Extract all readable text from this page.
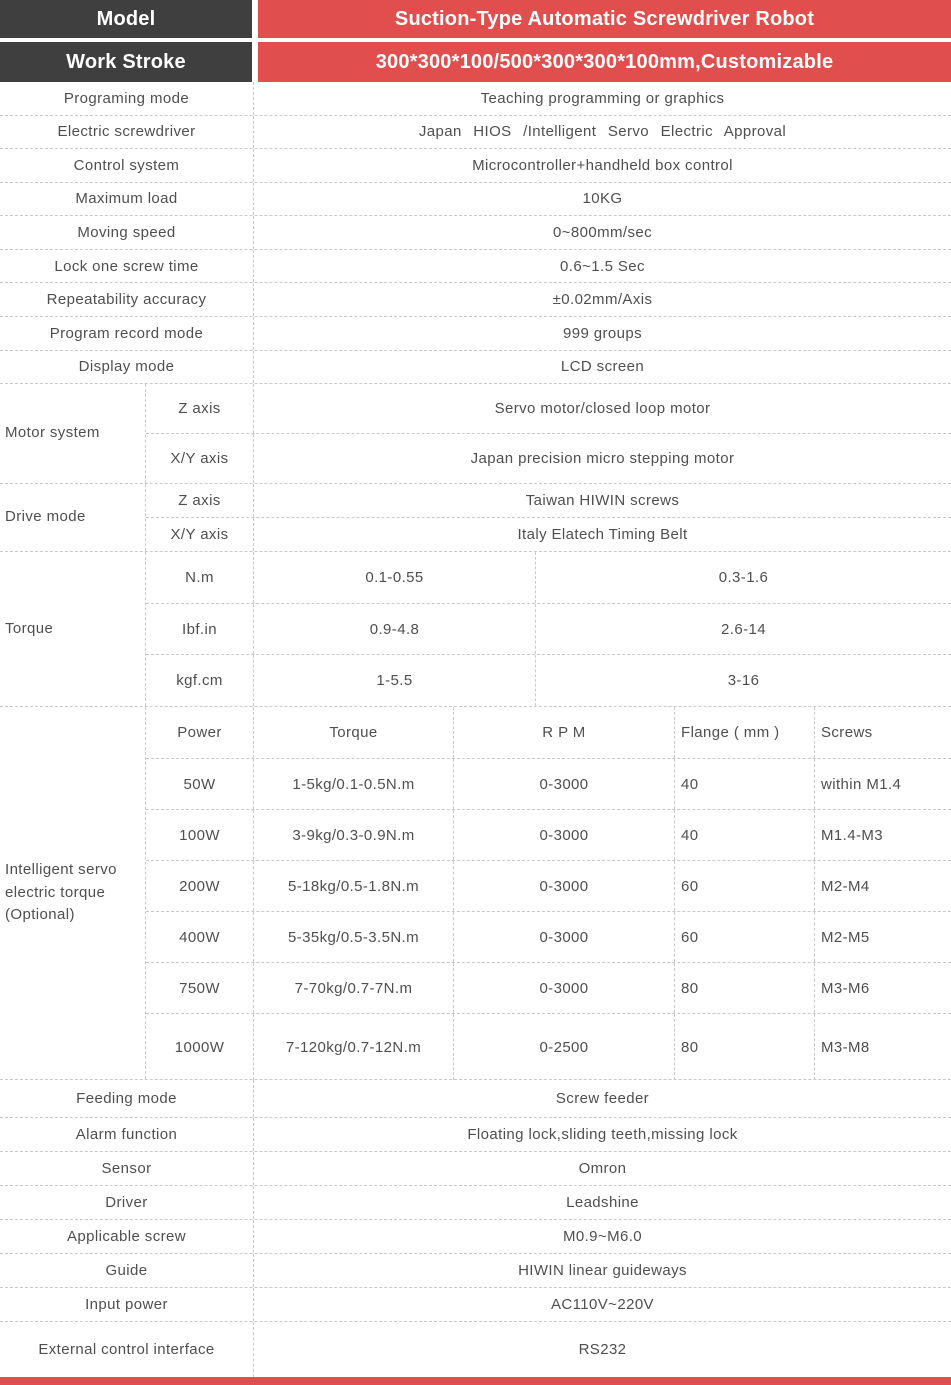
Model	Suction-Type Automatic Screwdriver Robot
Work Stroke	300*300*100/500*300*300*100mm,Customizable
Programing mode	Teaching programming or graphics
Electric screwdriver	Japan HIOS /Intelligent Servo Electric Approval
Control system	Microcontroller+handheld box control
Maximum load	10KG
Moving speed	0~800mm/sec
Lock one screw time	0.6~1.5 Sec
Repeatability accuracy	±0.02mm/Axis
Program record mode	999 groups
Display mode	LCD screen
Motor system
Z axis	Servo motor/closed loop motor
X/Y axis	Japan precision micro stepping motor
Drive mode
Z axis	Taiwan HIWIN screws
X/Y axis	Italy Elatech Timing Belt
Torque
N.m	0.1-0.55	0.3-1.6
Ibf.in	0.9-4.8	2.6-14
kgf.cm	1-5.5	3-16
Intelligent servo electric torque (Optional)
Power	Torque	R P M	Flange ( mm )	Screws
50W	1-5kg/0.1-0.5N.m	0-3000	40	within M1.4
100W	3-9kg/0.3-0.9N.m	0-3000	40	M1.4-M3
200W	5-18kg/0.5-1.8N.m	0-3000	60	M2-M4
400W	5-35kg/0.5-3.5N.m	0-3000	60	M2-M5
750W	7-70kg/0.7-7N.m	0-3000	80	M3-M6
1000W	7-120kg/0.7-12N.m	0-2500	80	M3-M8
Feeding mode	Screw feeder
Alarm function	Floating lock,sliding teeth,missing lock
Sensor	Omron
Driver	Leadshine
Applicable screw	M0.9~M6.0
Guide	HIWIN linear guideways
Input power	AC110V~220V
External control interface	RS232
